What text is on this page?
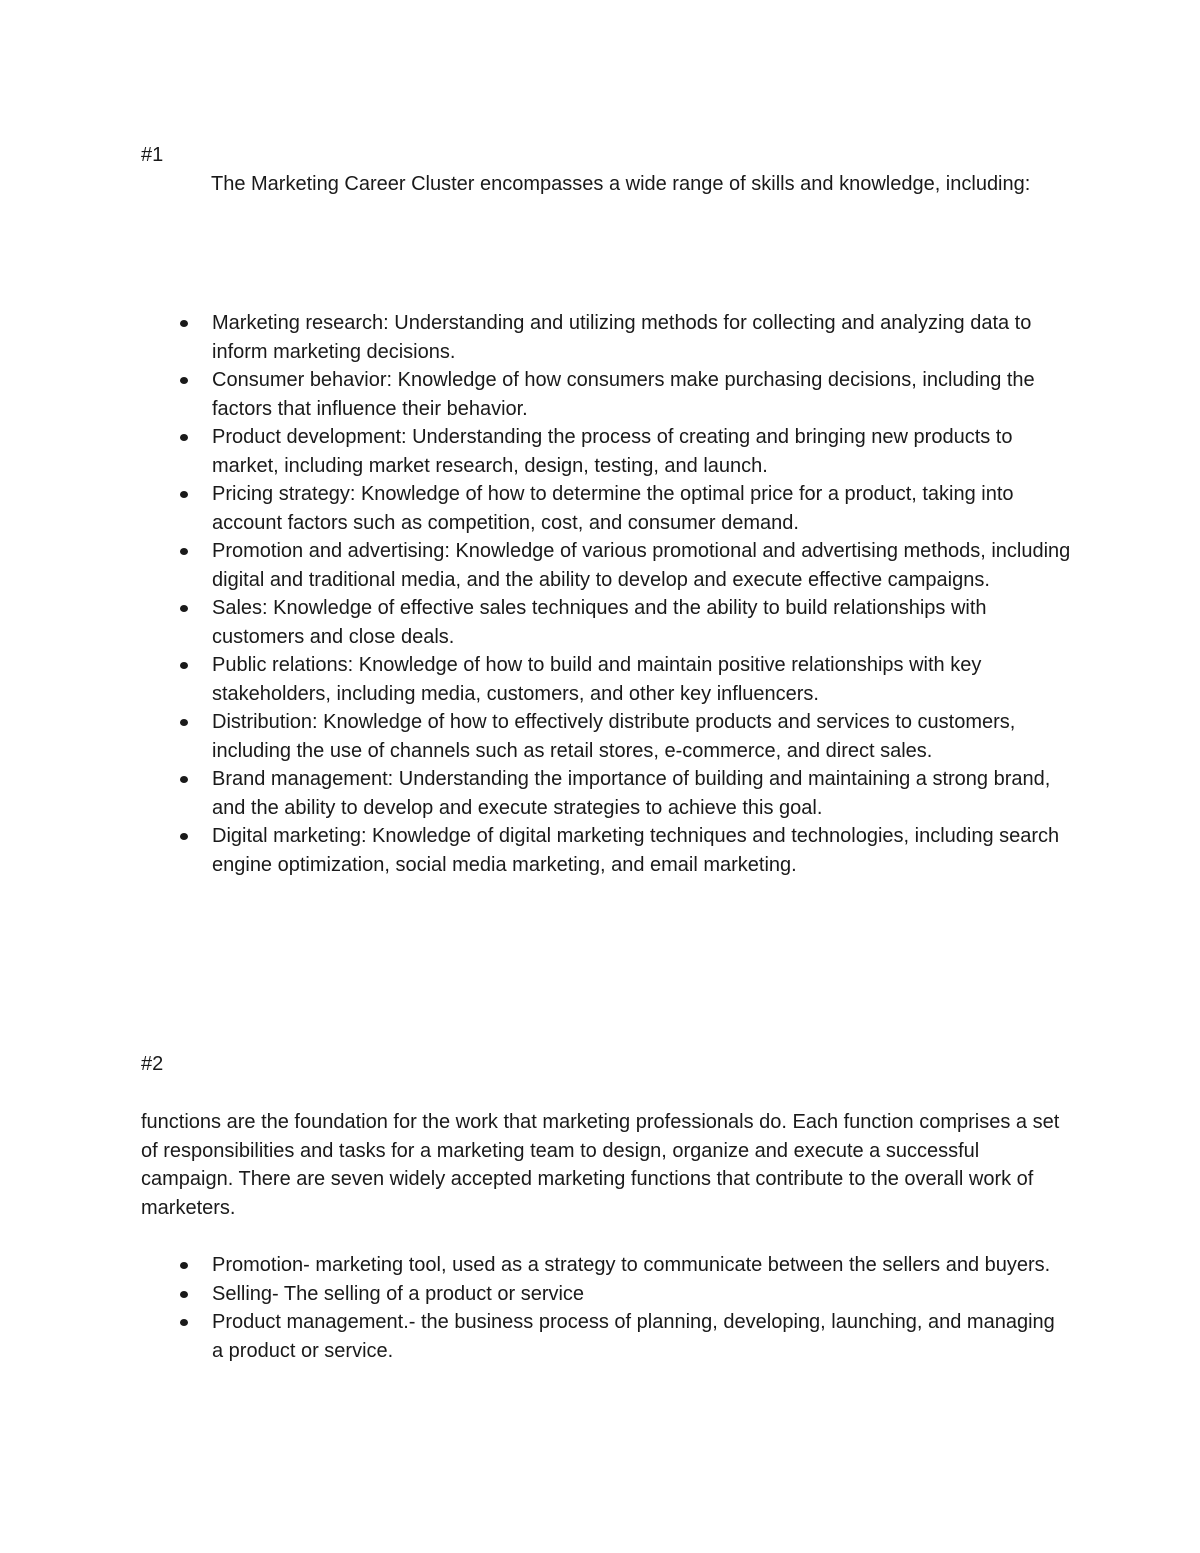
#1

The Marketing Career Cluster encompasses a wide range of skills and knowledge, including:

Marketing research: Understanding and utilizing methods for collecting and analyzing data to inform marketing decisions.
Consumer behavior: Knowledge of how consumers make purchasing decisions, including the factors that influence their behavior.
Product development: Understanding the process of creating and bringing new products to market, including market research, design, testing, and launch.
Pricing strategy: Knowledge of how to determine the optimal price for a product, taking into account factors such as competition, cost, and consumer demand.
Promotion and advertising: Knowledge of various promotional and advertising methods, including digital and traditional media, and the ability to develop and execute effective campaigns.
Sales: Knowledge of effective sales techniques and the ability to build relationships with customers and close deals.
Public relations: Knowledge of how to build and maintain positive relationships with key stakeholders, including media, customers, and other key influencers.
Distribution: Knowledge of how to effectively distribute products and services to customers, including the use of channels such as retail stores, e-commerce, and direct sales.
Brand management: Understanding the importance of building and maintaining a strong brand, and the ability to develop and execute strategies to achieve this goal.
Digital marketing: Knowledge of digital marketing techniques and technologies, including search engine optimization, social media marketing, and email marketing.

#2

functions are the foundation for the work that marketing professionals do. Each function comprises a set of responsibilities and tasks for a marketing team to design, organize and execute a successful campaign. There are seven widely accepted marketing functions that contribute to the overall work of marketers.

Promotion- marketing tool, used as a strategy to communicate between the sellers and buyers.
Selling- The selling of a product or service
Product management.- the business process of planning, developing, launching, and managing a product or service.
